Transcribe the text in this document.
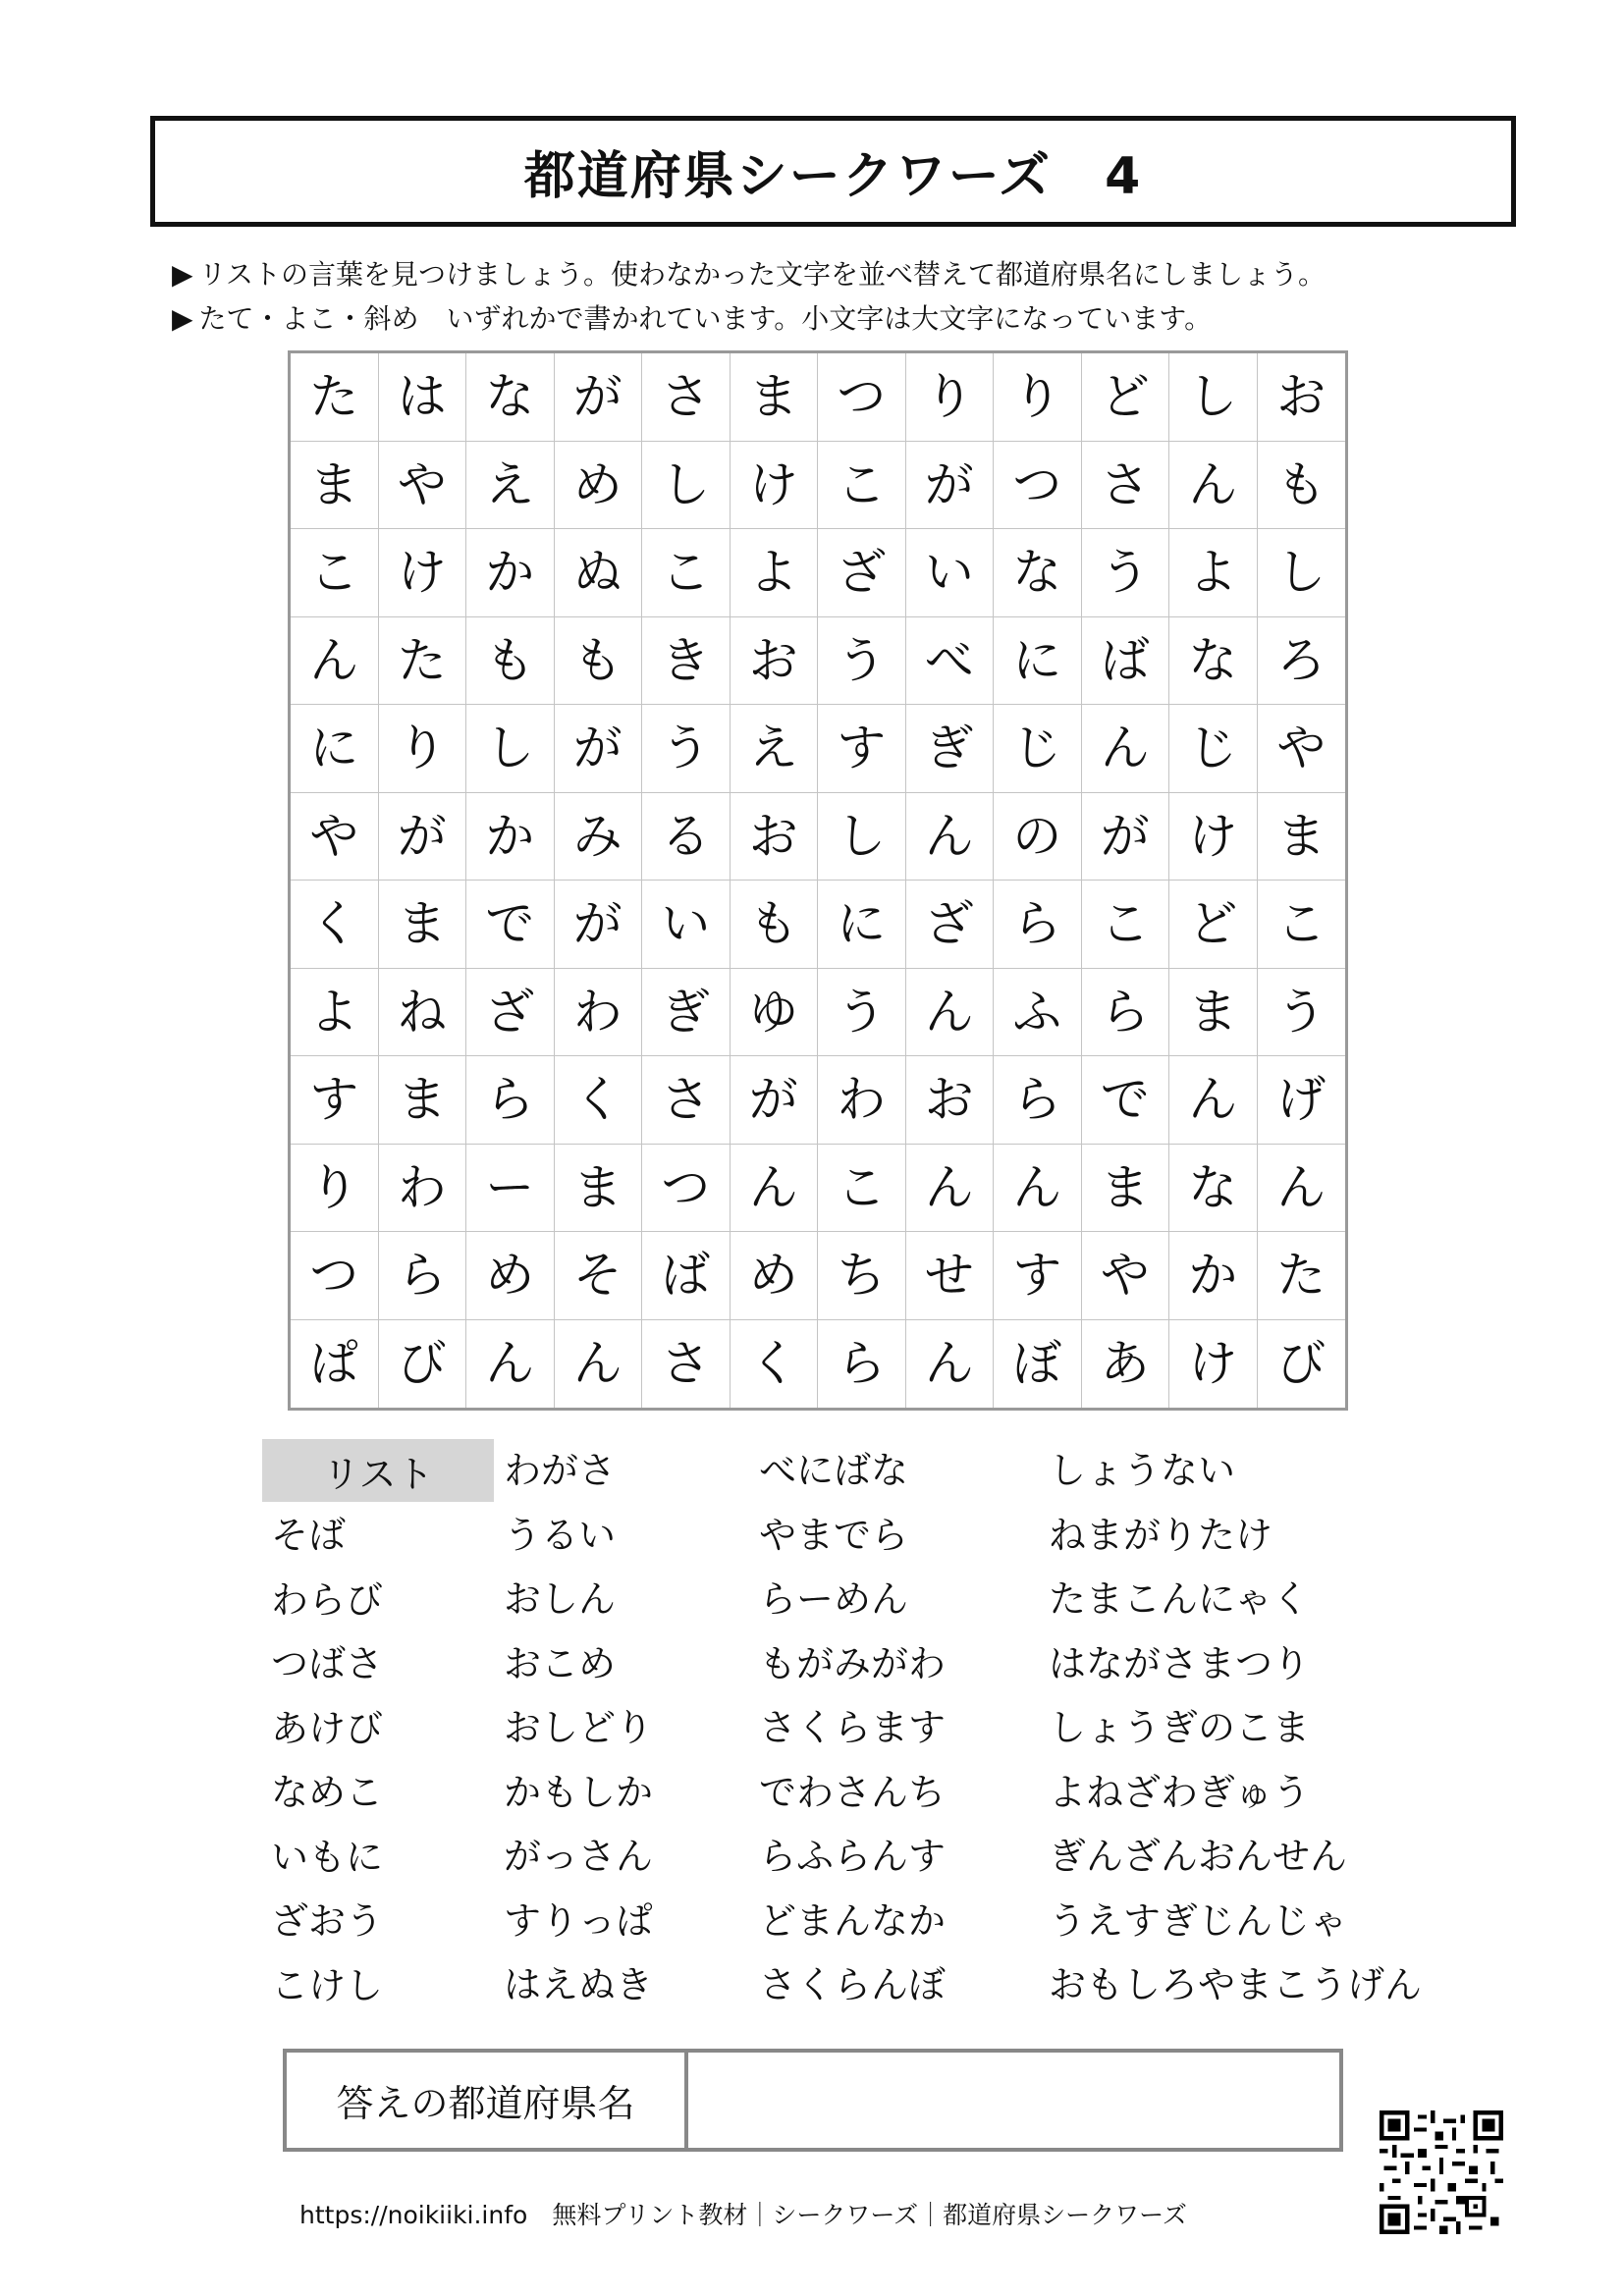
都道府県シークワーズ　4
▶ リストの言葉を見つけましょう。使わなかった文字を並べ替えて都道府県名にしましょう。
▶ たて・よこ・斜め　いずれかで書かれています。小文字は大文字になっています。
た は な が さ ま つ り り ど し お
ま や え め し け こ が つ さ ん も
こ け か ぬ こ よ ざ い な う よ し
ん た も も き お う べ に ば な ろ
に り し が う え す ぎ じ ん じ や
や が か み る お し ん の が け ま
く ま で が い も に ざ ら こ ど こ
よ ね ざ わ ぎ ゆ う ん ふ ら ま う
す ま ら く さ が わ お ら で ん げ
り わ ー ま つ ん こ ん ん ま な ん
つ ら め そ ば め ち せ す や か た
ぱ び ん ん さ く ら ん ぼ あ け び
リスト
そば
わらび
つばさ
あけび
なめこ
いもに
ざおう
こけし
わがさ
うるい
おしん
おこめ
おしどり
かもしか
がっさん
すりっぱ
はえぬき
べにばな
やまでら
らーめん
もがみがわ
さくらます
でわさんち
らふらんす
どまんなか
さくらんぼ
しょうない
ねまがりたけ
たまこんにゃく
はながさまつり
しょうぎのこま
よねざわぎゅう
ぎんざんおんせん
うえすぎじんじゃ
おもしろやまこうげん
答えの都道府県名
https://noikiiki.info　無料プリント教材｜シークワーズ｜都道府県シークワーズ
